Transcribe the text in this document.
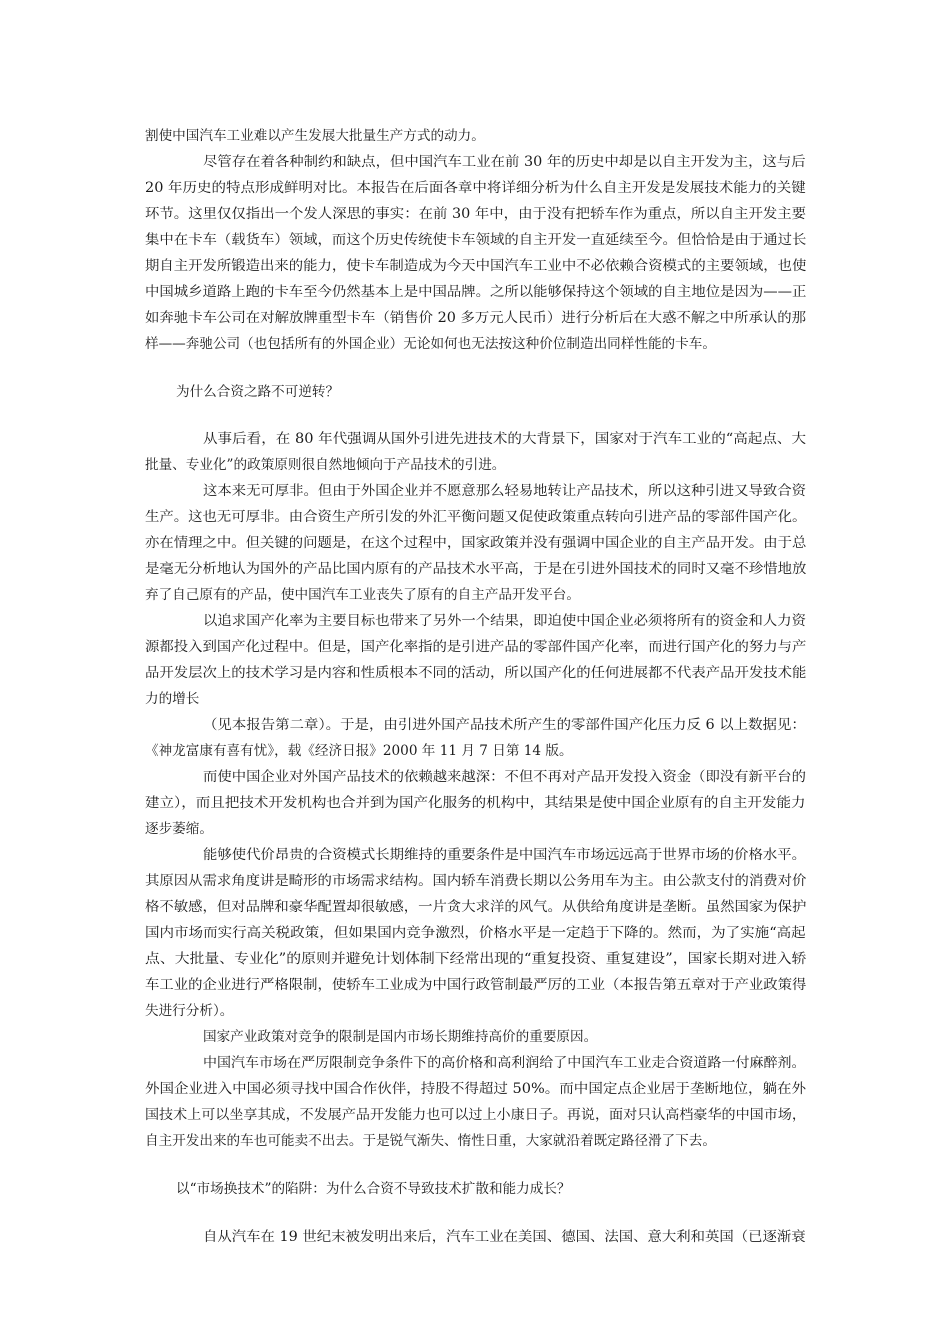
割使中国汽车工业难以产生发展大批量生产方式的动力。
尽管存在着各种制约和缺点，但中国汽车工业在前 30 年的历史中却是以自主开发为主，这与后
20 年历史的特点形成鲜明对比。本报告在后面各章中将详细分析为什么自主开发是发展技术能力的关键
环节。这里仅仅指出一个发人深思的事实：在前 30 年中，由于没有把轿车作为重点，所以自主开发主要
集中在卡车（载货车）领域，而这个历史传统使卡车领域的自主开发一直延续至今。但恰恰是由于通过长
期自主开发所锻造出来的能力，使卡车制造成为今天中国汽车工业中不必依赖合资模式的主要领域，也使
中国城乡道路上跑的卡车至今仍然基本上是中国品牌。之所以能够保持这个领域的自主地位是因为——正
如奔驰卡车公司在对解放牌重型卡车（销售价 20 多万元人民币）进行分析后在大惑不解之中所承认的那
样——奔驰公司（也包括所有的外国企业）无论如何也无法按这种价位制造出同样性能的卡车。
为什么合资之路不可逆转？
从事后看，在 80 年代强调从国外引进先进技术的大背景下，国家对于汽车工业的“高起点、大
批量、专业化”的政策原则很自然地倾向于产品技术的引进。
这本来无可厚非。但由于外国企业并不愿意那么轻易地转让产品技术，所以这种引进又导致合资
生产。这也无可厚非。由合资生产所引发的外汇平衡问题又促使政策重点转向引进产品的零部件国产化。
亦在情理之中。但关键的问题是，在这个过程中，国家政策并没有强调中国企业的自主产品开发。由于总
是毫无分析地认为国外的产品比国内原有的产品技术水平高，于是在引进外国技术的同时又毫不珍惜地放
弃了自己原有的产品，使中国汽车工业丧失了原有的自主产品开发平台。
以追求国产化率为主要目标也带来了另外一个结果，即迫使中国企业必须将所有的资金和人力资
源都投入到国产化过程中。但是，国产化率指的是引进产品的零部件国产化率，而进行国产化的努力与产
品开发层次上的技术学习是内容和性质根本不同的活动，所以国产化的任何进展都不代表产品开发技术能
力的增长
（见本报告第二章）。于是，由引进外国产品技术所产生的零部件国产化压力反 6 以上数据见：
《神龙富康有喜有忧》，载《经济日报》2000 年 11 月 7 日第 14 版。
而使中国企业对外国产品技术的依赖越来越深：不但不再对产品开发投入资金（即没有新平台的
建立），而且把技术开发机构也合并到为国产化服务的机构中，其结果是使中国企业原有的自主开发能力
逐步萎缩。
能够使代价昂贵的合资模式长期维持的重要条件是中国汽车市场远远高于世界市场的价格水平。
其原因从需求角度讲是畸形的市场需求结构。国内轿车消费长期以公务用车为主。由公款支付的消费对价
格不敏感，但对品牌和豪华配置却很敏感，一片贪大求洋的风气。从供给角度讲是垄断。虽然国家为保护
国内市场而实行高关税政策，但如果国内竞争激烈，价格水平是一定趋于下降的。然而，为了实施“高起
点、大批量、专业化”的原则并避免计划体制下经常出现的“重复投资、重复建设”，国家长期对进入轿
车工业的企业进行严格限制，使轿车工业成为中国行政管制最严厉的工业（本报告第五章对于产业政策得
失进行分析）。
国家产业政策对竞争的限制是国内市场长期维持高价的重要原因。
中国汽车市场在严厉限制竞争条件下的高价格和高利润给了中国汽车工业走合资道路一付麻醉剂。
外国企业进入中国必须寻找中国合作伙伴，持股不得超过 50%。而中国定点企业居于垄断地位，躺在外
国技术上可以坐享其成，不发展产品开发能力也可以过上小康日子。再说，面对只认高档豪华的中国市场，
自主开发出来的车也可能卖不出去。于是锐气渐失、惰性日重，大家就沿着既定路径滑了下去。
以“市场换技术”的陷阱：为什么合资不导致技术扩散和能力成长？
自从汽车在 19 世纪末被发明出来后，汽车工业在美国、德国、法国、意大利和英国（已逐渐衰
